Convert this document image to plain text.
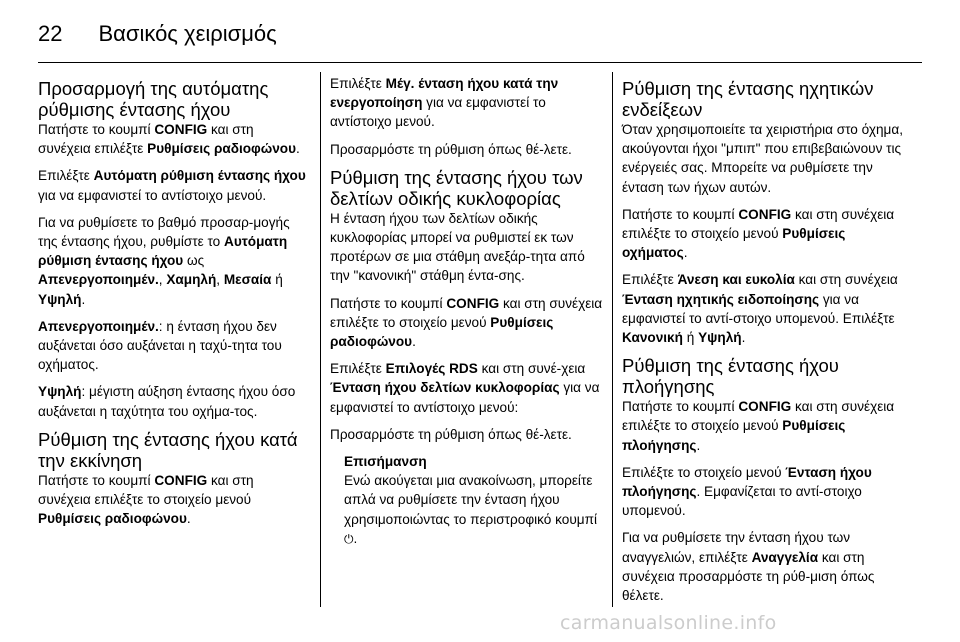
22 Βασικός χειρισμός
Προσαρμογή της αυτόματης ρύθμισης έντασης ήχου

Πατήστε το κουμπί CONFIG και στη συνέχεια επιλέξτε Ρυθμίσεις ραδιοφώνου.

Επιλέξτε Αυτόματη ρύθμιση έντασης ήχου για να εμφανιστεί το αντίστοιχο μενού.

Για να ρυθμίσετε το βαθμό προσαρ-μογής της έντασης ήχου, ρυθμίστε το Αυτόματη ρύθμιση έντασης ήχου ως Απενεργοποιημέν., Χαμηλή, Μεσαία ή Υψηλή.

Απενεργοποιημέν.: η ένταση ήχου δεν αυξάνεται όσο αυξάνεται η ταχύ-τητα του οχήματος.

Υψηλή: μέγιστη αύξηση έντασης ήχου όσο αυξάνεται η ταχύτητα του οχήμα-τος.

Ρύθμιση της έντασης ήχου κατά την εκκίνηση

Πατήστε το κουμπί CONFIG και στη συνέχεια επιλέξτε το στοιχείο μενού Ρυθμίσεις ραδιοφώνου.

Επιλέξτε Μέγ. ένταση ήχου κατά την ενεργοποίηση για να εμφανιστεί το αντίστοιχο μενού.

Προσαρμόστε τη ρύθμιση όπως θέ-λετε.

Ρύθμιση της έντασης ήχου των δελτίων οδικής κυκλοφορίας

Η ένταση ήχου των δελτίων οδικής κυκλοφορίας μπορεί να ρυθμιστεί εκ των προτέρων σε μια στάθμη ανεξάρ-τητα από την "κανονική" στάθμη έντα-σης.

Πατήστε το κουμπί CONFIG και στη συνέχεια επιλέξτε το στοιχείο μενού Ρυθμίσεις ραδιοφώνου.

Επιλέξτε Επιλογές RDS και στη συνέ-χεια Ένταση ήχου δελτίων κυκλοφορίας για να εμφανιστεί το αντίστοιχο μενού:

Προσαρμόστε τη ρύθμιση όπως θέ-λετε.

Επισήμανση

Ενώ ακούγεται μια ανακοίνωση, μπορείτε απλά να ρυθμίσετε την ένταση ήχου χρησιμοποιώντας το περιστροφικό κουμπί ⏻.

Ρύθμιση της έντασης ηχητικών ενδείξεων

Όταν χρησιμοποιείτε τα χειριστήρια στο όχημα, ακούγονται ήχοι "μπιπ" που επιβεβαιώνουν τις ενέργειές σας. Μπορείτε να ρυθμίσετε την ένταση των ήχων αυτών.

Πατήστε το κουμπί CONFIG και στη συνέχεια επιλέξτε το στοιχείο μενού Ρυθμίσεις οχήματος.

Επιλέξτε Άνεση και ευκολία και στη συνέχεια Ένταση ηχητικής ειδοποίησης για να εμφανιστεί το αντί-στοιχο υπομενού. Επιλέξτε Κανονική ή Υψηλή.

Ρύθμιση της έντασης ήχου πλοήγησης

Πατήστε το κουμπί CONFIG και στη συνέχεια επιλέξτε το στοιχείο μενού Ρυθμίσεις πλοήγησης.

Επιλέξτε το στοιχείο μενού Ένταση ήχου πλοήγησης. Εμφανίζεται το αντί-στοιχο υπομενού.

Για να ρυθμίσετε την ένταση ήχου των αναγγελιών, επιλέξτε Αναγγελία και στη συνέχεια προσαρμόστε τη ρύθ-μιση όπως θέλετε.

carmanualsonline.info
